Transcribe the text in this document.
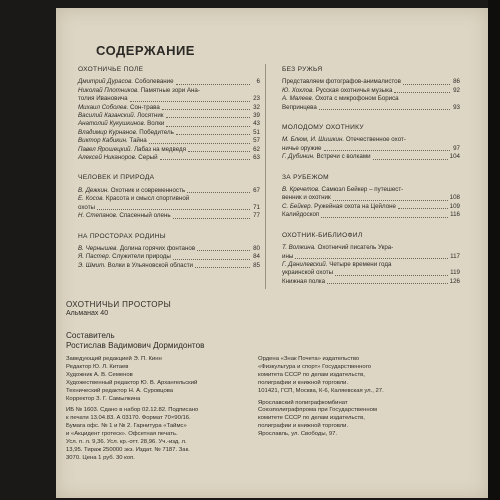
СОДЕРЖАНИЕ
ОХОТНИЧЬЕ ПОЛЕ
Дмитрий Дурасов. Соболевание	6
Николай Плотников. Памятные зори Ана-
толия Ивановича	23
Михаил Соболев. Сон-трава	32
Василий Казанский. Лосятник	39
Анатолий Кукушкинов. Волки	43
Владимир Курнанов. Победитель	51
Виктор Кабикин. Тайна	57
Павел Ярошецкий. Лабаз на медведя	62
Алексей Никаноров. Серый	63
ЧЕЛОВЕК И ПРИРОДА
В. Дежкин. Охотник и современность	67
Е. Косов. Красота и смысл спортивной
охоты	71
Н. Степанов. Спасенный олень	77
НА ПРОСТОРАХ РОДИНЫ
В. Чернышев. Долина горячих фонтанов	80
Я. Пастер. Служители природы	84
Э. Шмит. Волки в Ульяновской области	85
БЕЗ РУЖЬЯ
Представляем фотографов-анималистов	86
Ю. Хохлов. Русская охотничья музыка	92
А. Малеев. Охота с микрофоном Бориса
Вепринцева	93
МОЛОДОМУ ОХОТНИКУ
М. Блюм, И. Шишкин. Отечественное охот-
ничье оружие	97
Г. Дубинин. Встречи с волками	104
ЗА РУБЕЖОМ
В. Кречетов. Самюэл Бейкер – путешест-
венник и охотник	108
С. Бейкер. Ружейная охота на Цейлоне	109
Калийдоскоп	116
ОХОТНИК-БИБЛИОФИЛ
Т. Волжина. Охотничий писатель Укра-
ины	117
Г. Данилевский. Четыре времени года
украинской охоты	119
Книжная полка	126
ОХОТНИЧЬИ ПРОСТОРЫ
Альманах 40
Составитель
Ростислав Вадимович Дормидонтов
Заведующий редакцией Э. П. Кинн
Редактор Ю. Л. Китаев
Художник А. В. Семенов
Художественный редактор Ю. В. Архангельский
Технический редактор Н. А. Суровцова
Корректор З. Г. Самылкина
ИБ № 1603. Сдано в набор 02.12.82. Подписано
к печати 13.04.83. А 03170. Формат 70×90/16.
Бумага офс. № 1 и № 2. Гарнитура «Таймс»
и «Акцидент гротеск». Офсетная печать.
Усл. п. л. 9,36. Усл. кр.-отт. 28,96. Уч.-изд. л.
13,95. Тираж 250000 экз. Издат. № 7187. Зак.
3070. Цена 1 руб. 30 коп.
Ордена «Знак Почета» издательство
«Физкультура и спорт» Государственного
комитета СССР по делам издательств,
полиграфии и книжной торговли.
101421, ГСП, Москва, К-6, Каляевская ул., 27.
Ярославский полиграфкомбинат
Союзполиграфпрома при Государственном
комитете СССР по делам издательств,
полиграфии и книжной торговли.
Ярославль, ул. Свободы, 97.
